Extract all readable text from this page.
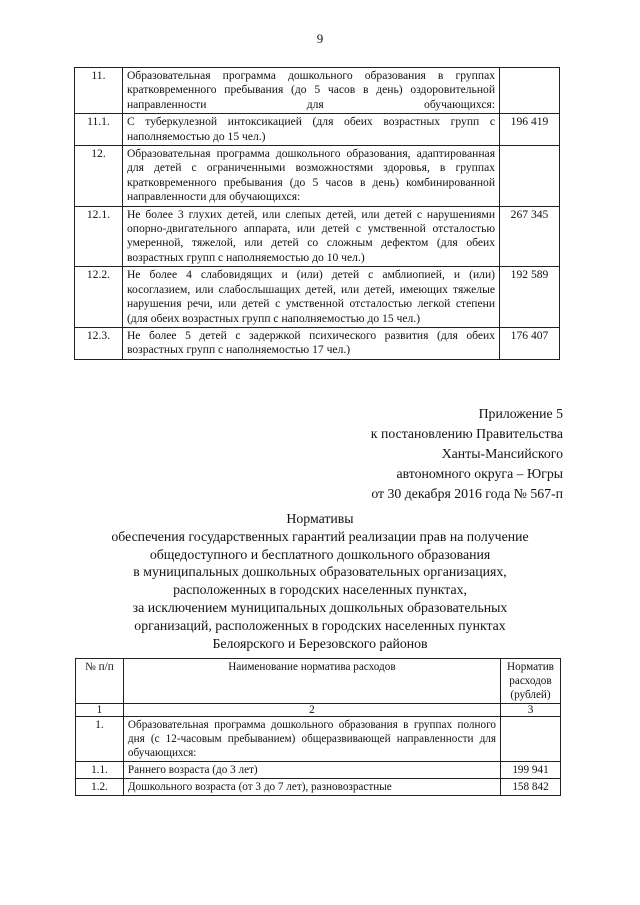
9
11.	Образовательная программа дошкольного образования в группах кратковременного пребывания (до 5 часов в день) оздоровительной направленности для обучающихся:	
11.1.	С туберкулезной интоксикацией (для обеих возрастных групп с наполняемостью до 15 чел.)	196 419
12.	Образовательная программа дошкольного образования, адаптированная для детей с ограниченными возможностями здоровья, в группах кратковременного пребывания (до 5 часов в день) комбинированной направленности для обучающихся:	
12.1.	Не более 3 глухих детей, или слепых детей, или детей с нарушениями опорно-двигательного аппарата, или детей с умственной отсталостью умеренной, тяжелой, или детей со сложным дефектом (для обеих возрастных групп с наполняемостью до 10 чел.)	267 345
12.2.	Не более 4 слабовидящих и (или) детей с амблиопией, и (или) косоглазием, или слабослышащих детей, или детей, имеющих тяжелые нарушения речи, или детей с умственной отсталостью легкой степени (для обеих возрастных групп с наполняемостью до 15 чел.)	192 589
12.3.	Не более 5 детей с задержкой психического развития (для обеих возрастных групп с наполняемостью 17 чел.)	176 407
Приложение 5
к постановлению Правительства
Ханты-Мансийского
автономного округа – Югры
от 30 декабря 2016 года № 567-п
Нормативы
обеспечения государственных гарантий реализации прав на получение
общедоступного и бесплатного дошкольного образования
в муниципальных дошкольных образовательных организациях,
расположенных в городских населенных пунктах,
за исключением муниципальных дошкольных образовательных
организаций, расположенных в городских населенных пунктах
Белоярского и Березовского районов
№ п/п	Наименование норматива расходов	Норматив расходов (рублей)
1	2	3
1.	Образовательная программа дошкольного образования в группах полного дня (с 12-часовым пребыванием) общеразвивающей направленности для обучающихся:	
1.1.	Раннего возраста (до 3 лет)	199 941
1.2.	Дошкольного возраста (от 3 до 7 лет), разновозрастные	158 842
